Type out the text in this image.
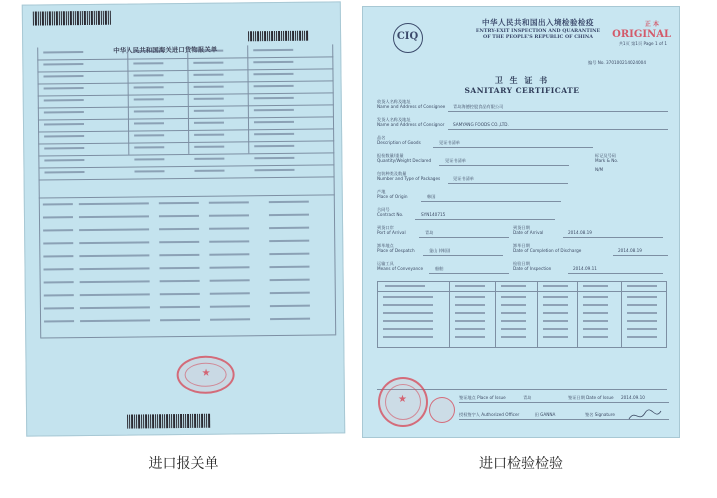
中华人民共和国海关进口货物报关单
★
CIQ
中华人民共和国出入境检验检疫
ENTRY-EXIT INSPECTION AND QUARANTINE
OF THE PEOPLE'S REPUBLIC OF CHINA
正 本
ORIGINAL
共1页 第1页 Page 1 of 1
编号 No. 370100214024004
卫 生 证 书
SANITARY CERTIFICATE
收货人名称及地址
Name and Address of Consignee 青岛海德控股食品有限公司
发货人名称及地址
Name and Address of Consignor SAMYANG FOODS CO.,LTD.
品名
Description of Goods	见证书清单
报检数量/重量
Quantity/Weight Declared	见证书清单
标记及号码
Mark & No.
N/M
包装种类及数量
Number and Type of Packages	见证书清单
产地
Place of Origin	韩国
合同号
Contract No.	SYN140715
到货口岸
Port of Arrival	青岛
到货日期
Date of Arrival	2014.08.19
卸毕地点
Place of Despatch	釜山 (韩国)
卸毕日期
Date of Completion of Discharge	2014.08.19
运输工具
Means of Conveyance	船舶
检验日期
Date of Inspection	2014.09.11
★	签证地点 Place of Issue	青岛	签证日期 Date of Issue 2014.09.10
授权签字人 Authorized Officer	田 GANNA	签名 Signature
进口报关单	进口检验检验
